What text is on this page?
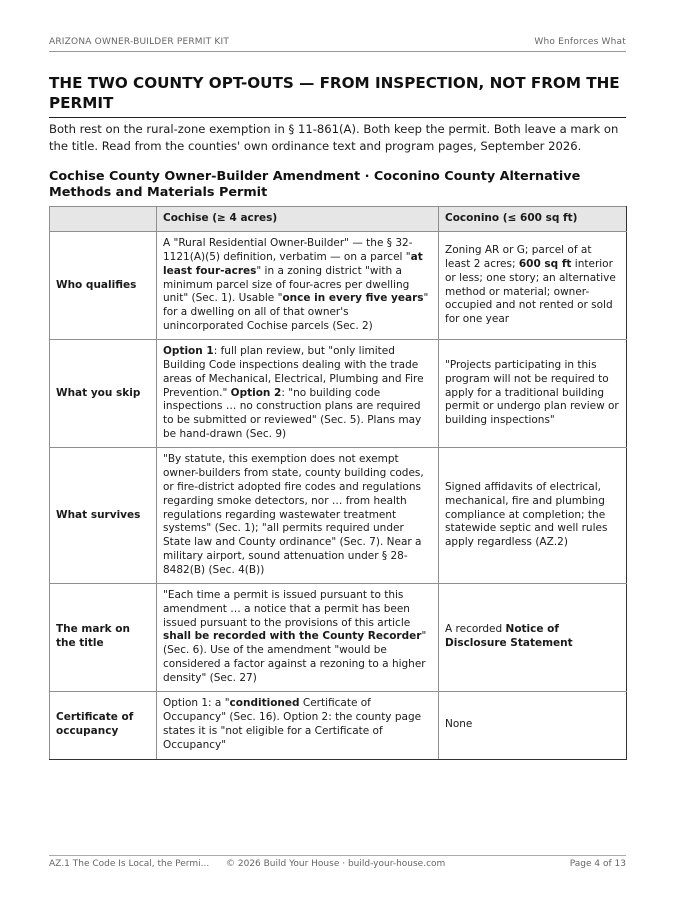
ARIZONA OWNER-BUILDER PERMIT KIT	Who Enforces What
THE TWO COUNTY OPT-OUTS — FROM INSPECTION, NOT FROM THE PERMIT

Both rest on the rural-zone exemption in § 11-861(A). Both keep the permit. Both leave a mark on the title. Read from the counties' own ordinance text and program pages, September 2026.

Cochise County Owner-Builder Amendment · Coconino County Alternative Methods and Materials Permit
	Cochise (≥ 4 acres)	Coconino (≤ 600 sq ft)
Who qualifies	A "Rural Residential Owner-Builder" — the § 32-1121(A)(5) definition, verbatim — on a parcel "at least four-acres" in a zoning district "with a minimum parcel size of four-acres per dwelling unit" (Sec. 1). Usable "once in every five years" for a dwelling on all of that owner's unincorporated Cochise parcels (Sec. 2)	Zoning AR or G; parcel of at least 2 acres; 600 sq ft interior or less; one story; an alternative method or material; owner-occupied and not rented or sold for one year
What you skip	Option 1: full plan review, but "only limited Building Code inspections dealing with the trade areas of Mechanical, Electrical, Plumbing and Fire Prevention." Option 2: "no building code inspections … no construction plans are required to be submitted or reviewed" (Sec. 5). Plans may be hand-drawn (Sec. 9)	"Projects participating in this program will not be required to apply for a traditional building permit or undergo plan review or building inspections"
What survives	"By statute, this exemption does not exempt owner-builders from state, county building codes, or fire-district adopted fire codes and regulations regarding smoke detectors, nor … from health regulations regarding wastewater treatment systems" (Sec. 1); "all permits required under State law and County ordinance" (Sec. 7). Near a military airport, sound attenuation under § 28-8482(B) (Sec. 4(B))	Signed affidavits of electrical, mechanical, fire and plumbing compliance at completion; the statewide septic and well rules apply regardless (AZ.2)
The mark on the title	"Each time a permit is issued pursuant to this amendment … a notice that a permit has been issued pursuant to the provisions of this article shall be recorded with the County Recorder" (Sec. 6). Use of the amendment "would be considered a factor against a rezoning to a higher density" (Sec. 27)	A recorded Notice of Disclosure Statement
Certificate of occupancy	Option 1: a "conditioned Certificate of Occupancy" (Sec. 16). Option 2: the county page states it is "not eligible for a Certificate of Occupancy"	None
AZ.1 The Code Is Local, the Permi... © 2026 Build Your House · build-your-house.com	Page 4 of 13
